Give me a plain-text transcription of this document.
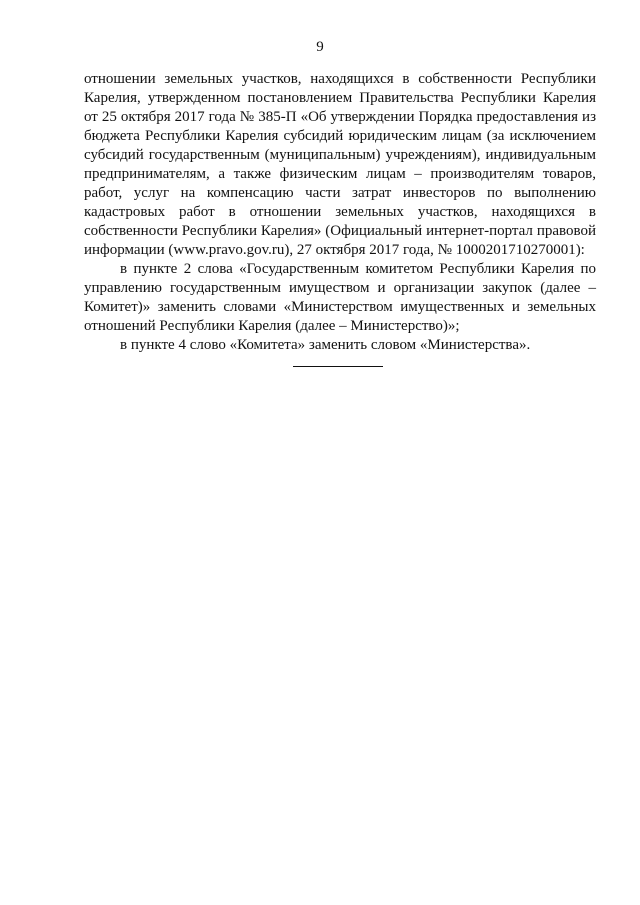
9

отношении земельных участков, находящихся в собственности Республики Карелия, утвержденном постановлением Правительства Республики Карелия от 25 октября 2017 года № 385-П «Об утверждении Порядка предоставления из бюджета Республики Карелия субсидий юридическим лицам (за исключением субсидий государственным (муниципальным) учреждениям), индивидуальным предпринимателям, а также физическим лицам – производителям товаров, работ, услуг на компенсацию части затрат инвесторов по выполнению кадастровых работ в отношении земельных участков, находящихся в собственности Республики Карелия» (Официальный интернет-портал правовой информации (www.pravo.gov.ru), 27 октября 2017 года, № 1000201710270001):

в пункте 2 слова «Государственным комитетом Республики Карелия по управлению государственным имуществом и организации закупок (далее – Комитет)» заменить словами «Министерством имущественных и земельных отношений Республики Карелия (далее – Министерство)»;

в пункте 4 слово «Комитета» заменить словом «Министерства».
